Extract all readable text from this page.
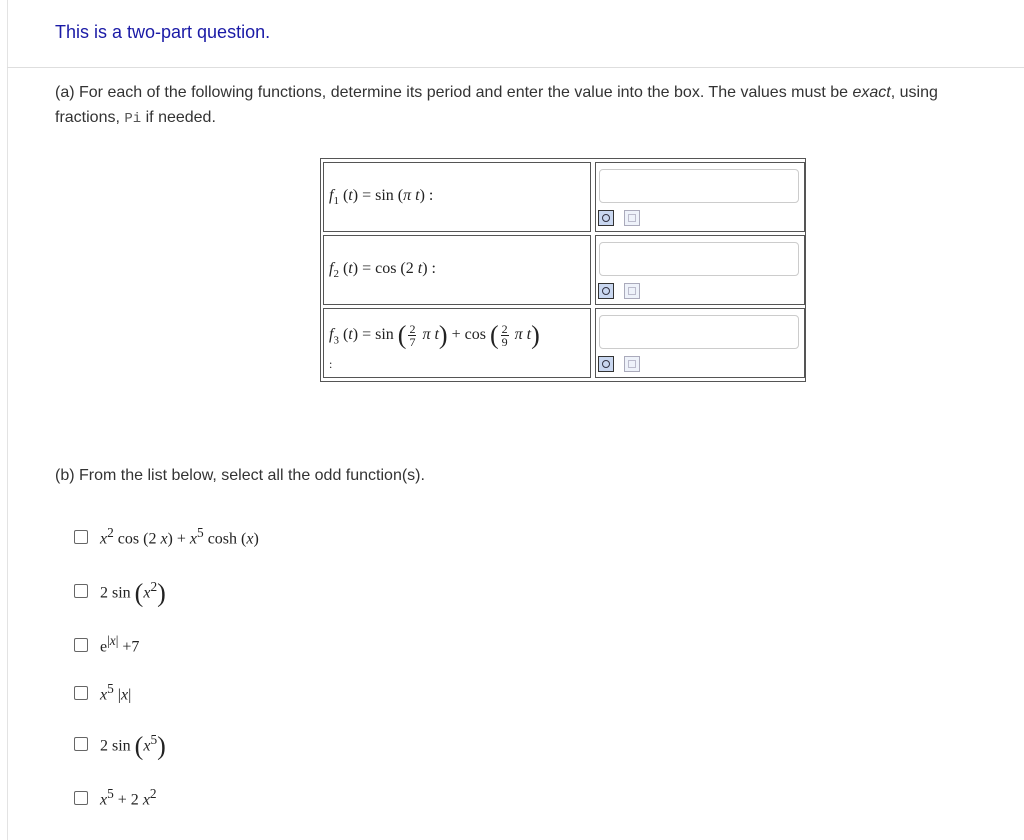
This is a two-part question.
(a) For each of the following functions, determine its period and enter the value into the box. The values must be exact, using
fractions, Pi if needed.
$f_1$ (t) = sin (π t) :
$f_2$ (t) = cos (2 t) :
$f_3$ (t) = sin ( $\frac{2}{7}$ π t) + cos ( $\frac{2}{9}$ π t)
:
(b) From the list below, select all the odd function(s).
$x^2$ cos (2 $x) + x^5$ cosh (x)
2 $\sin (x^2)$
$e^{|x|} +7$
$x^5$ |x|
2 $\sin (x^5)$
$x^5 + 2$ $x^2$
